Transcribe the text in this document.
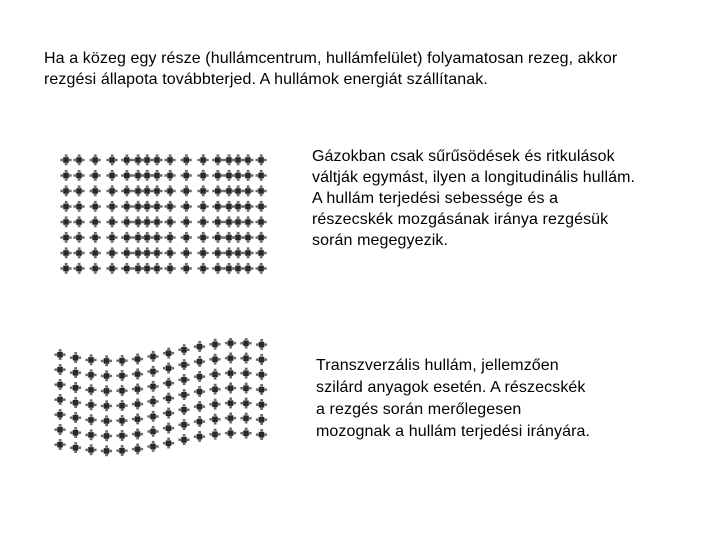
Ha a közeg egy része (hullámcentrum, hullámfelület) folyamatosan rezeg, akkor
rezgési állapota továbbterjed. A hullámok energiát szállítanak.
Gázokban csak sűrűsödések és ritkulások
váltják egymást, ilyen a longitudinális hullám.
A hullám terjedési sebessége és a
részecskék mozgásának iránya rezgésük
során megegyezik.
Transzverzális hullám, jellemzően
szilárd anyagok esetén. A részecskék
a rezgés során merőlegesen
mozognak a hullám terjedési irányára.
